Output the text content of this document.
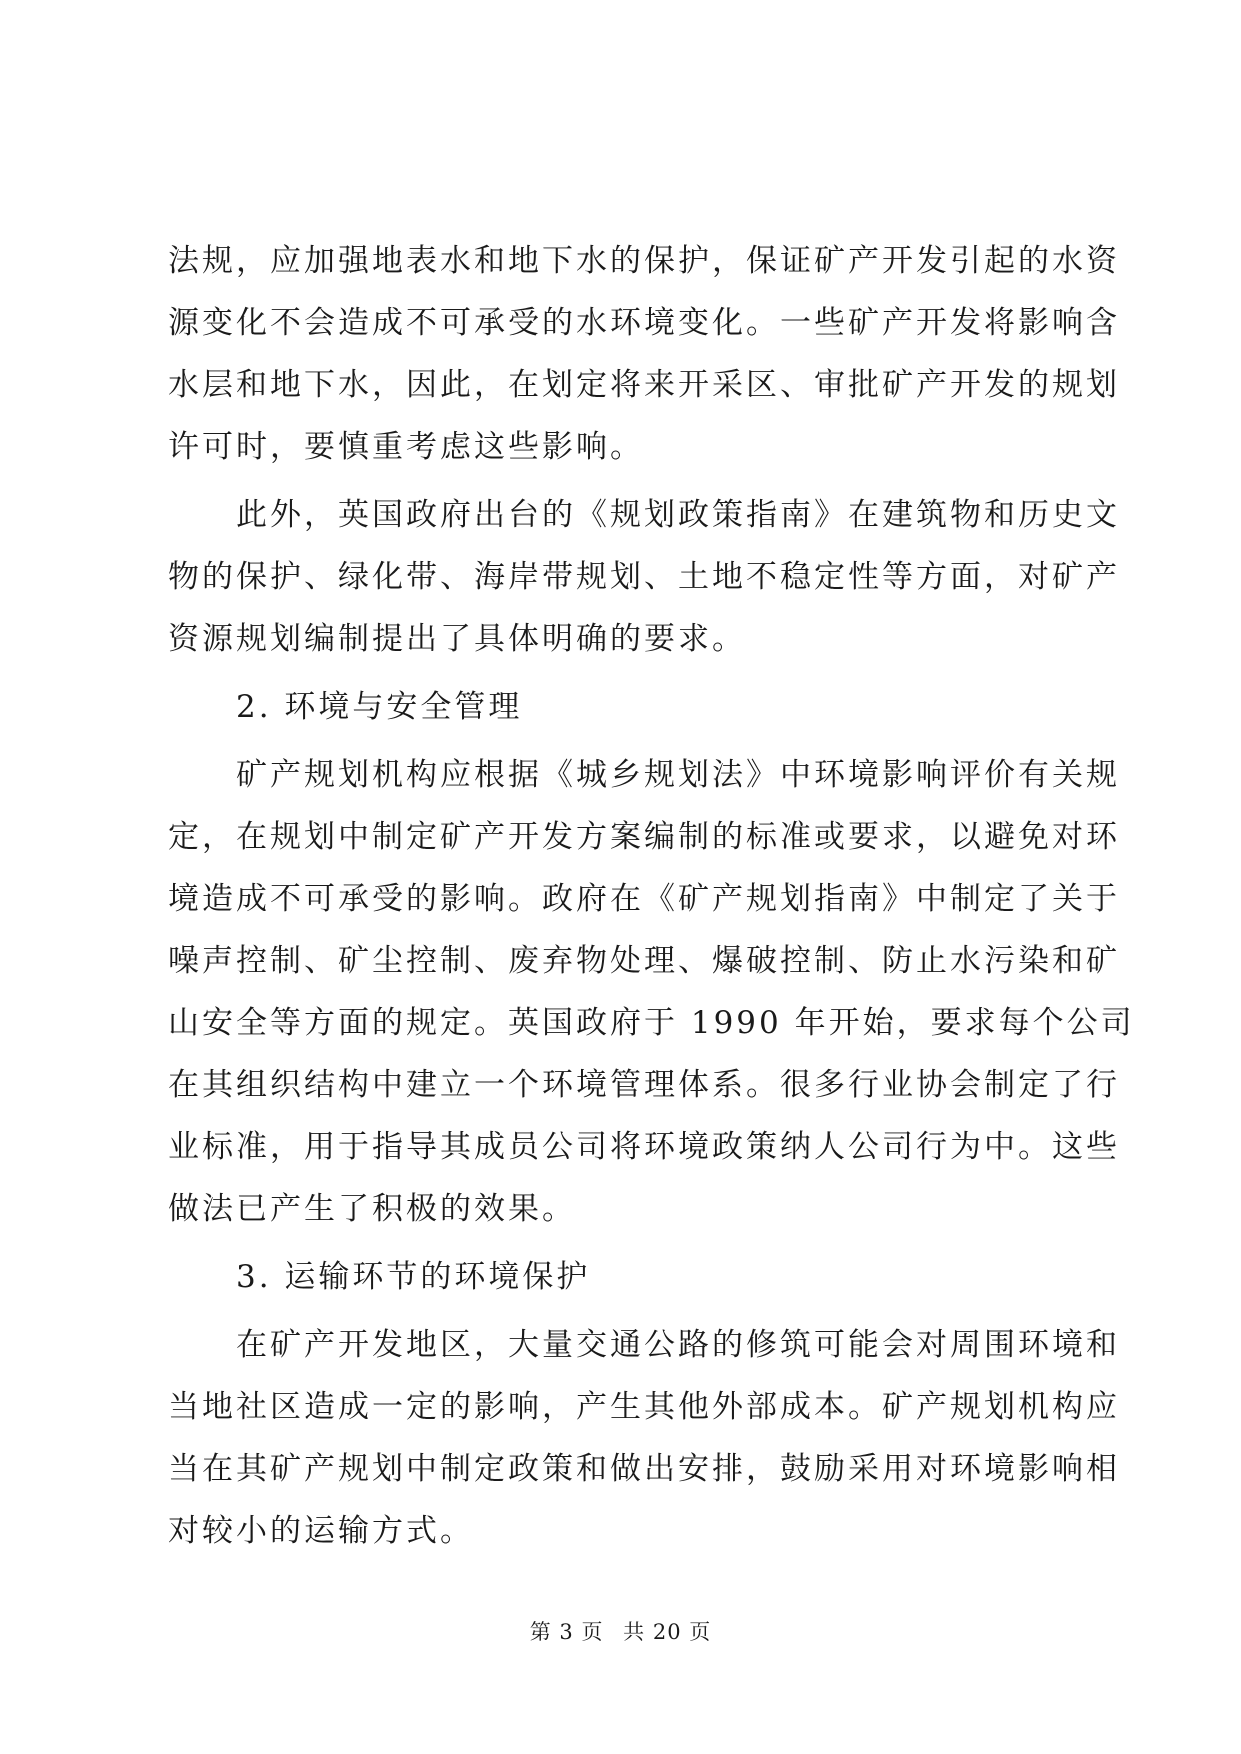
法规，应加强地表水和地下水的保护，保证矿产开发引起的水资
源变化不会造成不可承受的水环境变化。一些矿产开发将影响含
水层和地下水，因此，在划定将来开采区、审批矿产开发的规划
许可时，要慎重考虑这些影响。
　　此外，英国政府出台的《规划政策指南》在建筑物和历史文
物的保护、绿化带、海岸带规划、土地不稳定性等方面，对矿产
资源规划编制提出了具体明确的要求。
　　2. 环境与安全管理
　　矿产规划机构应根据《城乡规划法》中环境影响评价有关规
定，在规划中制定矿产开发方案编制的标准或要求，以避免对环
境造成不可承受的影响。政府在《矿产规划指南》中制定了关于
噪声控制、矿尘控制、废弃物处理、爆破控制、防止水污染和矿
山安全等方面的规定。英国政府于 1990 年开始，要求每个公司
在其组织结构中建立一个环境管理体系。很多行业协会制定了行
业标准，用于指导其成员公司将环境政策纳人公司行为中。这些
做法已产生了积极的效果。
　　3. 运输环节的环境保护
　　在矿产开发地区，大量交通公路的修筑可能会对周围环境和
当地社区造成一定的影响，产生其他外部成本。矿产规划机构应
当在其矿产规划中制定政策和做出安排，鼓励采用对环境影响相
对较小的运输方式。
第 3 页 共 20 页
